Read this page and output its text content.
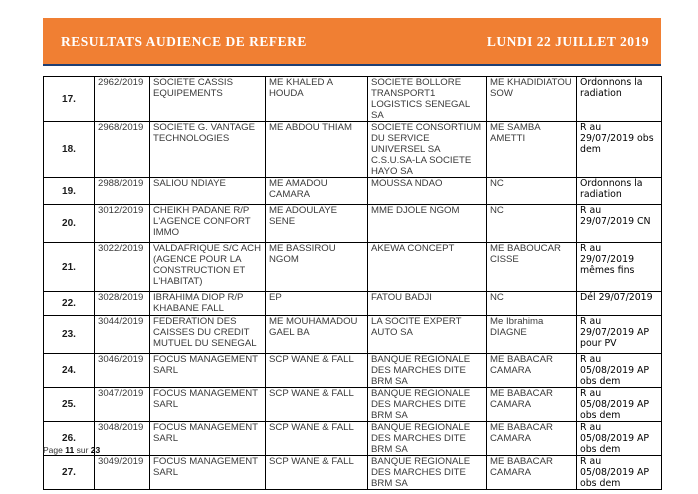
RESULTATS AUDIENCE DE REFERE	LUNDI 22 JUILLET 2019
17.	2962/2019	SOCIETE CASSIS EQUIPEMENTS	ME KHALED A HOUDA	SOCIETE BOLLORE TRANSPORT1 LOGISTICS SENEGAL SA	ME KHADIDIATOU SOW	Ordonnons la radiation
18.	2968/2019	SOCIETE G. VANTAGE TECHNOLOGIES	ME ABDOU THIAM	SOCIETE CONSORTIUM DU SERVICE UNIVERSEL SA C.S.U.SA-LA SOCIETE HAYO SA	ME SAMBA AMETTI	R au 29/07/2019 obs dem
19.	2988/2019	SALIOU NDIAYE	ME AMADOU CAMARA	MOUSSA NDAO	NC	Ordonnons la radiation
20.	3012/2019	CHEIKH PADANE R/P L'AGENCE CONFORT IMMO	ME ADOULAYE SENE	MME DJOLE NGOM	NC	R au 29/07/2019 CN
21.	3022/2019	VALDAFRIQUE S/C ACH (AGENCE POUR LA CONSTRUCTION ET L'HABITAT)	ME BASSIROU NGOM	AKEWA CONCEPT	ME BABOUCAR CISSE	R au 29/07/2019 mêmes fins
22.	3028/2019	IBRAHIMA DIOP R/P KHABANE FALL	EP	FATOU BADJI	NC	Dél 29/07/2019
23.	3044/2019	FEDERATION DES CAISSES DU CREDIT MUTUEL DU SENEGAL	ME MOUHAMADOU GAEL BA	LA SOCITE EXPERT AUTO SA	Me Ibrahima DIAGNE	R au 29/07/2019 AP pour PV
24.	3046/2019	FOCUS MANAGEMENT SARL	SCP WANE & FALL	BANQUE REGIONALE DES MARCHES DITE BRM SA	ME BABACAR CAMARA	R au 05/08/2019 AP obs dem
25.	3047/2019	FOCUS MANAGEMENT SARL	SCP WANE & FALL	BANQUE REGIONALE DES MARCHES DITE BRM SA	ME BABACAR CAMARA	R au 05/08/2019 AP obs dem
26.	3048/2019	FOCUS MANAGEMENT SARL	SCP WANE & FALL	BANQUE REGIONALE DES MARCHES DITE BRM SA	ME BABACAR CAMARA	R au 05/08/2019 AP obs dem
27.	3049/2019	FOCUS MANAGEMENT SARL	SCP WANE & FALL	BANQUE REGIONALE DES MARCHES DITE BRM SA	ME BABACAR CAMARA	R au 05/08/2019 AP obs dem
Page 11 sur 23
